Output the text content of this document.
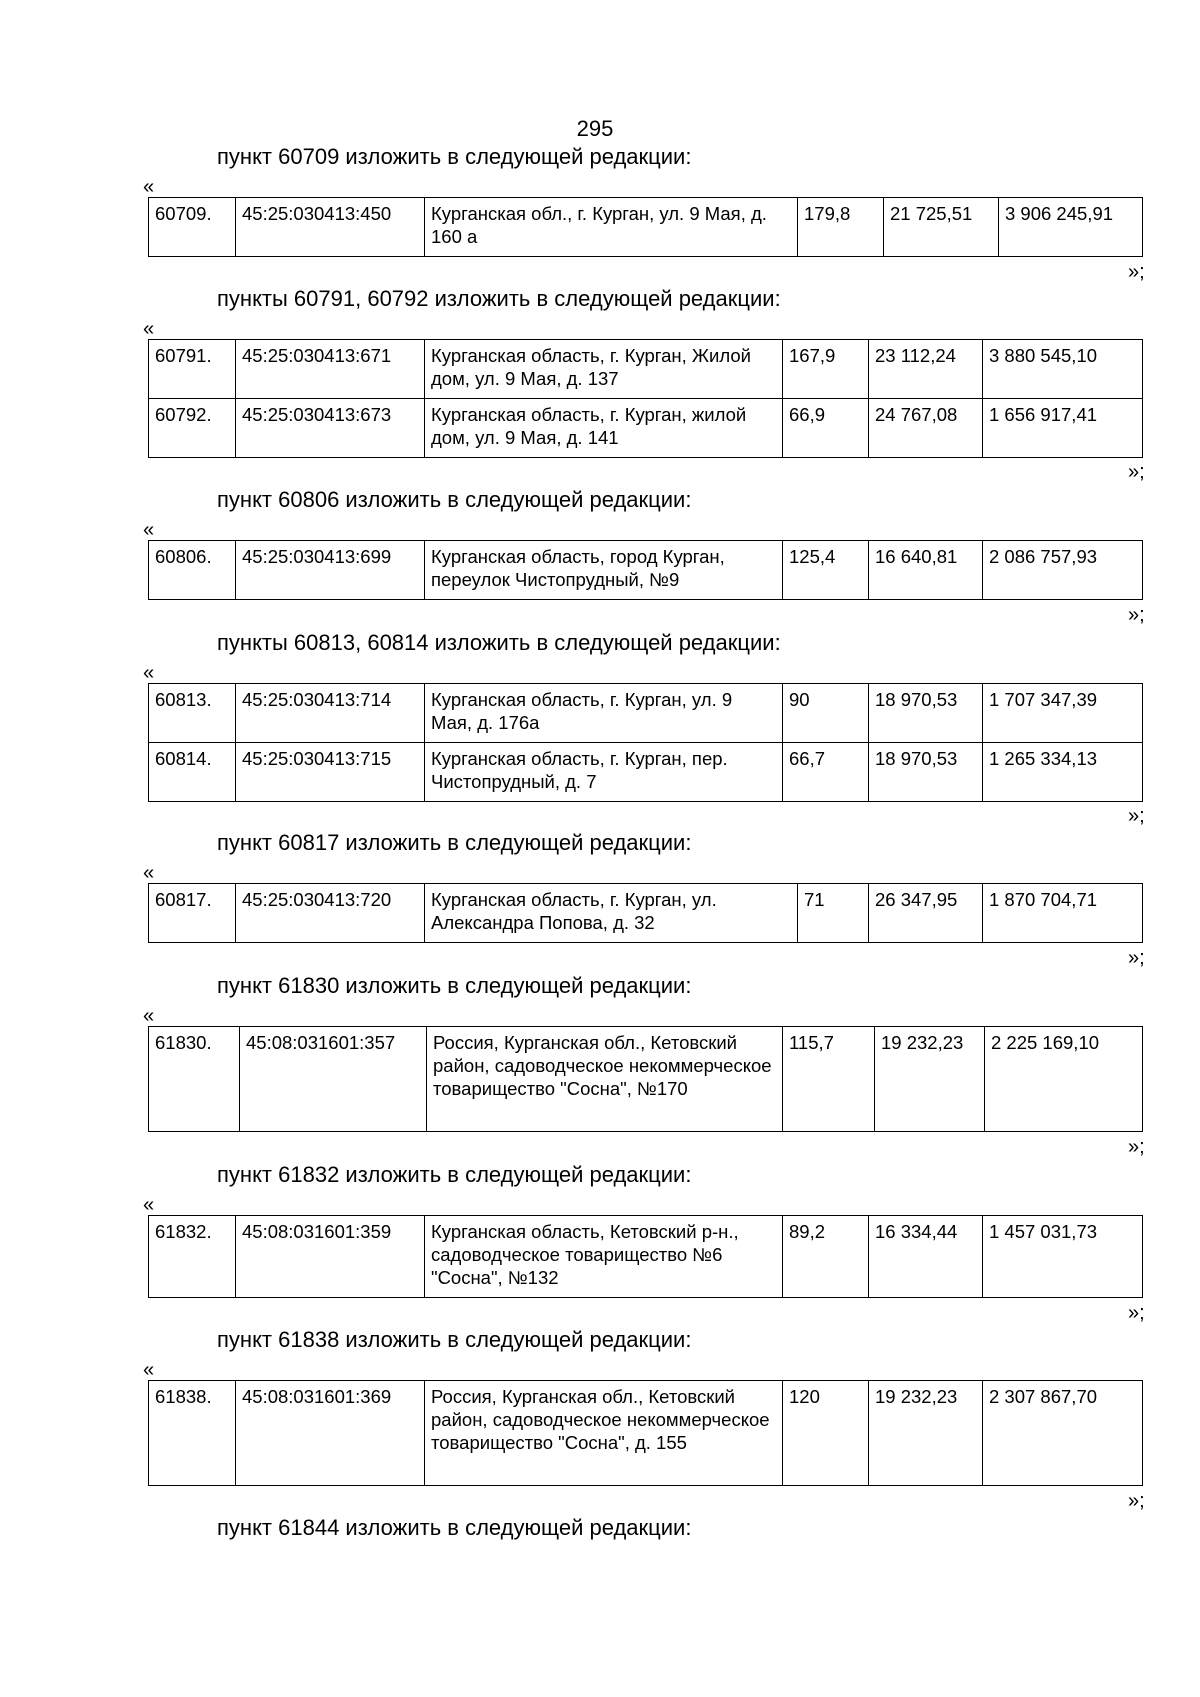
295
пункт 60709 изложить в следующей редакции:
«
60709.	45:25:030413:450	Курганская обл., г. Курган, ул. 9 Мая, д. 160 а	179,8	21 725,51	3 906 245,91
»;
пункты 60791, 60792 изложить в следующей редакции:
«
60791.	45:25:030413:671	Курганская область, г. Курган, Жилой дом, ул. 9 Мая, д. 137	167,9	23 112,24	3 880 545,10
60792.	45:25:030413:673	Курганская область, г. Курган, жилой дом, ул. 9 Мая, д. 141	66,9	24 767,08	1 656 917,41
»;
пункт 60806 изложить в следующей редакции:
«
60806.	45:25:030413:699	Курганская область, город Курган, переулок Чистопрудный, №9	125,4	16 640,81	2 086 757,93
»;
пункты 60813, 60814 изложить в следующей редакции:
«
60813.	45:25:030413:714	Курганская область, г. Курган, ул. 9 Мая, д. 176а	90	18 970,53	1 707 347,39
60814.	45:25:030413:715	Курганская область, г. Курган, пер. Чистопрудный, д. 7	66,7	18 970,53	1 265 334,13
»;
пункт 60817 изложить в следующей редакции:
«
60817.	45:25:030413:720	Курганская область, г. Курган, ул. Александра Попова, д. 32	71	26 347,95	1 870 704,71
»;
пункт 61830 изложить в следующей редакции:
«
61830.	45:08:031601:357	Россия, Курганская обл., Кетовский район, садоводческое некоммерческое товарищество "Сосна", №170	115,7	19 232,23	2 225 169,10
»;
пункт 61832 изложить в следующей редакции:
«
61832.	45:08:031601:359	Курганская область, Кетовский р-н., садоводческое товарищество №6 "Сосна", №132	89,2	16 334,44	1 457 031,73
»;
пункт 61838 изложить в следующей редакции:
«
61838.	45:08:031601:369	Россия, Курганская обл., Кетовский район, садоводческое некоммерческое товарищество "Сосна", д. 155	120	19 232,23	2 307 867,70
»;
пункт 61844 изложить в следующей редакции:
